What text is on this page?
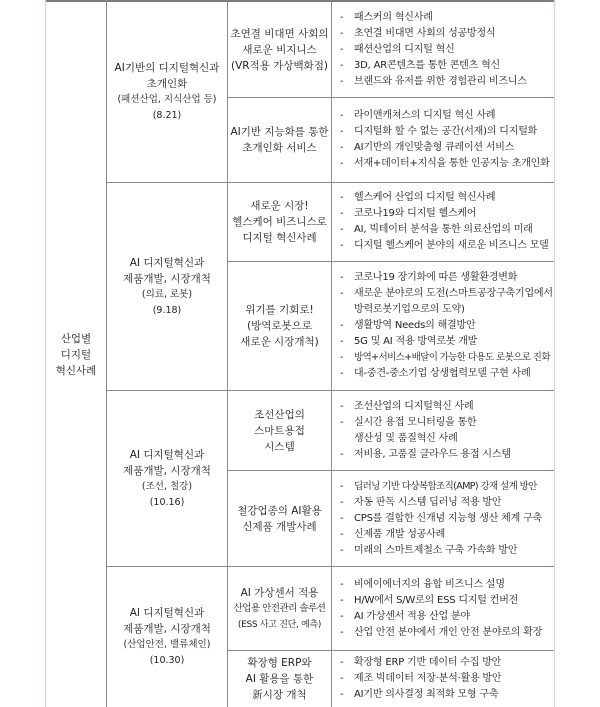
산업별
디지털
혁신사례
AI기반의 디지털혁신과
초개인화
(패션산업, 지식산업 등)
(8.21)
초연결 비대면 사회의
새로운 비지니스
(VR적용 가상백화점)
- 패스커의 혁신사례
- 초연결 비대면 사회의 성공방정식
- 패션산업의 디지털 혁신
- 3D, AR콘텐츠를 통한 콘텐츠 혁신
- 브랜드와 유저를 위한 경험관리 비즈니스
AI기반 지능화를 통한
초개인화 서비스
- 라이앤캐쳐스의 디지털 혁신 사례
- 디지털화 할 수 없는 공간(서재)의 디지털화
- AI기반의 개인맞춤형 큐레이션 서비스
- 서재+데이터+지식을 통한 인공지능 초개인화
AI 디지털혁신과
제품개발, 시장개척
(의료, 로봇)
(9.18)
새로운 시장!
헬스케어 비즈니스로
디지털 혁신사례
- 헬스케어 산업의 디지털 혁신사례
- 코로나19와 디지털 헬스케어
- AI, 빅테이터 분석을 통한 의료산업의 미래
- 디지털 헬스케어 분야의 새로운 비즈니스 모델
위기를 기회로!
(방역로봇으로
새로운 시장개척)
- 코로나19 장기화에 따른 생활환경변화
- 새로운 분야로의 도전(스마트공장구축기업에서
방력로봇기업으로의 도약)
- 생활방역 Needs의 해결방안
- 5G 및 AI 적용 방역로봇 개발
- 방역+서비스+배달이 가능한 다용도 로봇으로 진화
- 대-중견-중소기업 상생협력모델 구현 사례
AI 디지털혁신과
제품개발, 시장개척
(조선, 철강)
(10.16)
조선산업의
스마트용접
시스템
- 조선산업의 디지털혁신 사례
- 실시간 용접 모니터링을 통한
생산성 및 품질혁신 사례
- 저비용, 고품질 클라우드 용접 시스템
철강업종의 AI활용
신제품 개발사례
- 딥러닝 기반 다상복합조직(AMP) 강재 설계 방안
- 자동 판독 시스템 딥러닝 적용 방안
- CPS를 결합한 신개념 지능형 생산 체계 구축
- 신제품 개발 성공사례
- 미래의 스마트제철소 구축 가속화 방안
AI 디지털혁신과
제품개발, 시장개척
(산업안전, 밸류체인)
(10.30)
AI 가상센서 적용
산업용 안전관리 솔루션
(ESS 사고 진단, 예측)
- 비에이에너지의 융합 비즈니스 설명
- H/W에서 S/W로의 ESS 디지털 컨버전
- AI 가상센서 적용 산업 분야
- 산업 안전 분야에서 개인 안전 분야로의 확장
확장형 ERP와
AI 활용을 통한
新시장 개척
- 확장형 ERP 기반 데이터 수집 방안
- 제조 빅데이터 저장·분석·활용 방안
- AI기반 의사결정 최적화 모형 구축
